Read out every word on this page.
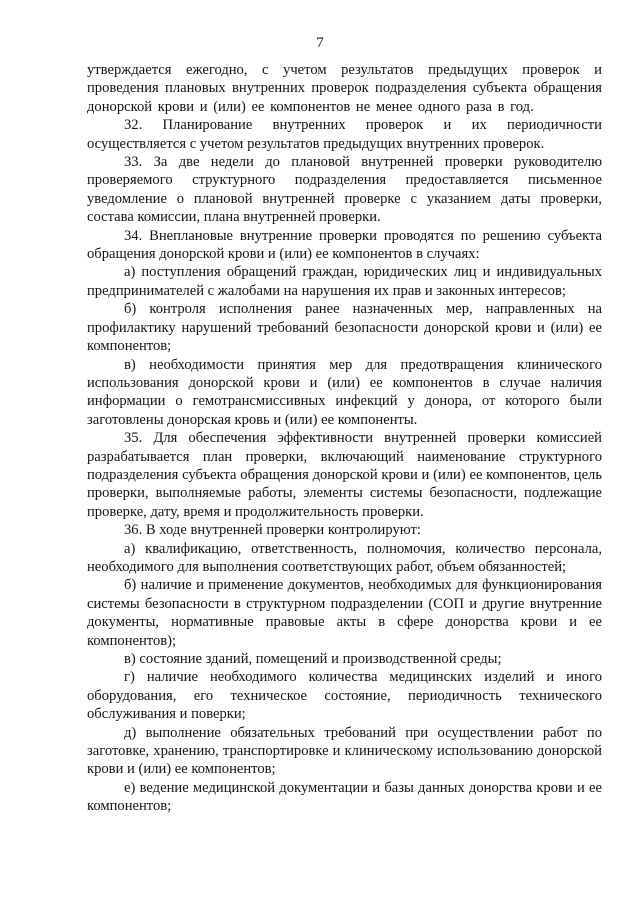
7

утверждается ежегодно, с учетом результатов предыдущих проверок и проведения плановых внутренних проверок подразделения субъекта обращения донорской крови и (или) ее компонентов не менее одного раза в год.

32. Планирование внутренних проверок и их периодичности осуществляется с учетом результатов предыдущих внутренних проверок.

33. За две недели до плановой внутренней проверки руководителю проверяемого структурного подразделения предоставляется письменное уведомление о плановой внутренней проверке с указанием даты проверки, состава комиссии, плана внутренней проверки.

34. Внеплановые внутренние проверки проводятся по решению субъекта обращения донорской крови и (или) ее компонентов в случаях:

а) поступления обращений граждан, юридических лиц и индивидуальных предпринимателей с жалобами на нарушения их прав и законных интересов;

б) контроля исполнения ранее назначенных мер, направленных на профилактику нарушений требований безопасности донорской крови и (или) ее компонентов;

в) необходимости принятия мер для предотвращения клинического использования донорской крови и (или) ее компонентов в случае наличия информации о гемотрансмиссивных инфекций у донора, от которого были заготовлены донорская кровь и (или) ее компоненты.

35. Для обеспечения эффективности внутренней проверки комиссией разрабатывается план проверки, включающий наименование структурного подразделения субъекта обращения донорской крови и (или) ее компонентов, цель проверки, выполняемые работы, элементы системы безопасности, подлежащие проверке, дату, время и продолжительность проверки.

36. В ходе внутренней проверки контролируют:

а) квалификацию, ответственность, полномочия, количество персонала, необходимого для выполнения соответствующих работ, объем обязанностей;

б) наличие и применение документов, необходимых для функционирования системы безопасности в структурном подразделении (СОП и другие внутренние документы, нормативные правовые акты в сфере донорства крови и ее компонентов);

в) состояние зданий, помещений и производственной среды;

г) наличие необходимого количества медицинских изделий и иного оборудования, его техническое состояние, периодичность технического обслуживания и поверки;

д) выполнение обязательных требований при осуществлении работ по заготовке, хранению, транспортировке и клиническому использованию донорской крови и (или) ее компонентов;

е) ведение медицинской документации и базы данных донорства крови и ее компонентов;
